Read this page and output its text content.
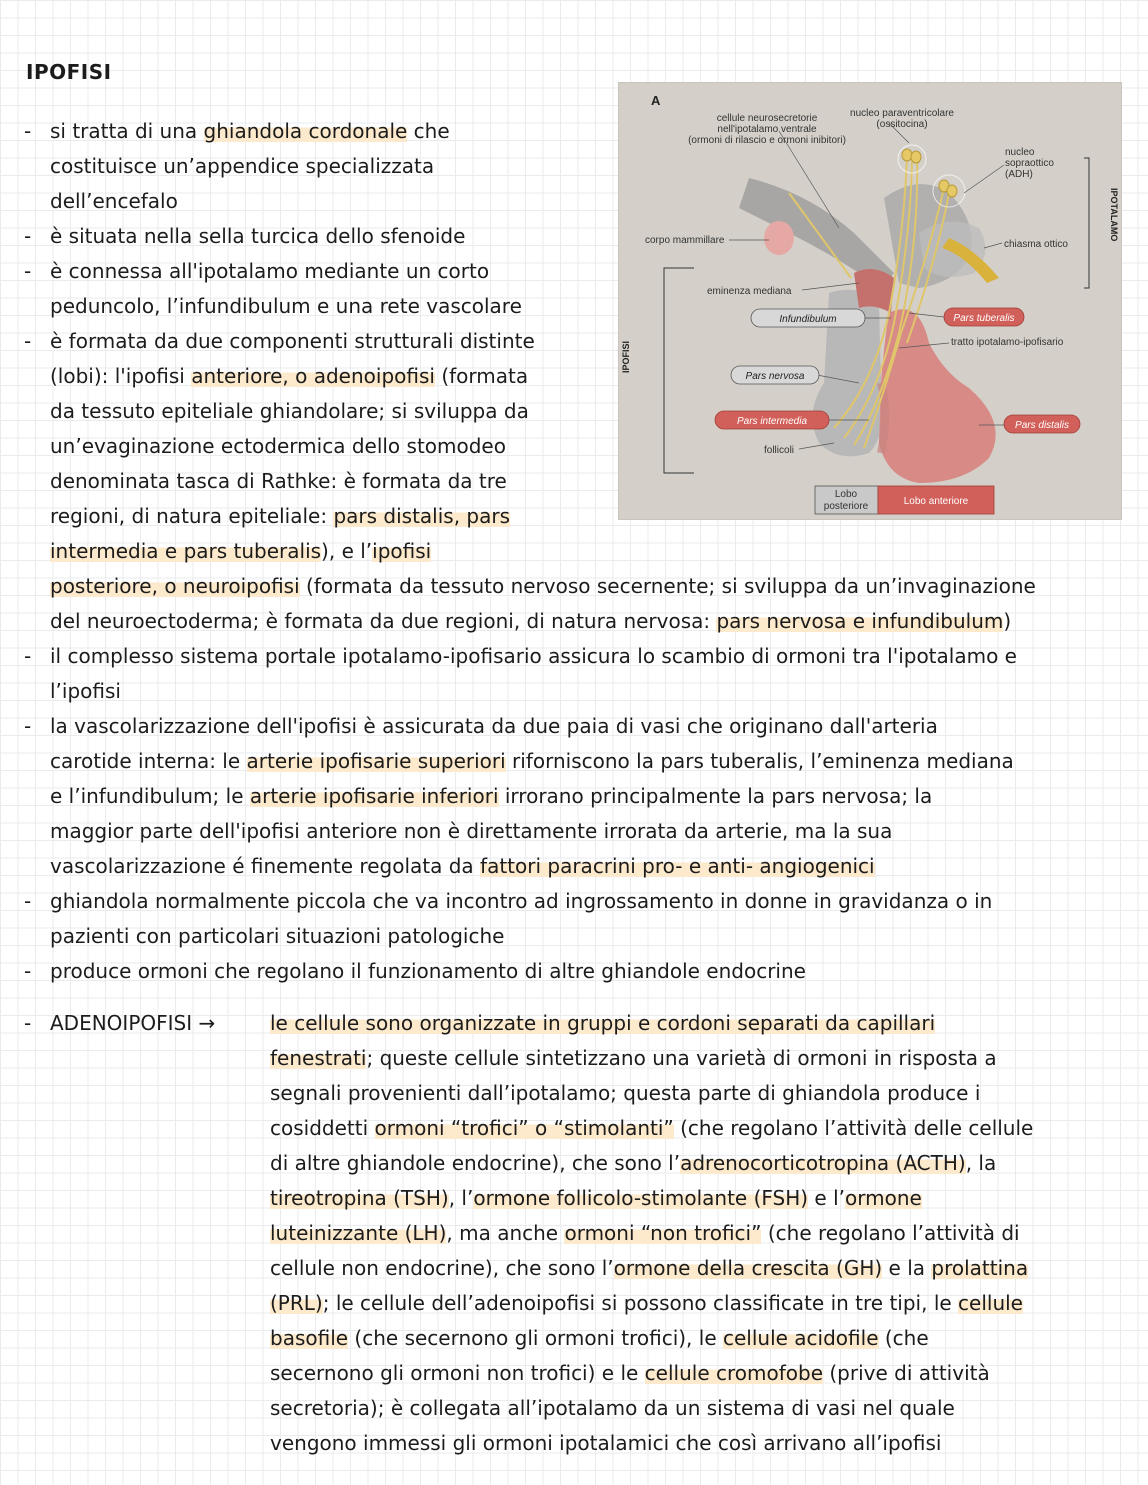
IPOFISI
A
cellule neurosecretorie
nell'ipotalamo ventrale
(ormoni di rilascio e ormoni inibitori)
nucleo paraventricolare
(ossitocina)
nucleo
sopraottico
(ADH)
IPOTALAMO
corpo mammillare	chiasma ottico
eminenza mediana
Infundibulum	Pars tuberalis
tratto ipotalamo-ipofisario
IPOFISI
Pars nervosa
Pars intermedia
follicoli
Pars distalis
Lobo
posteriore	Lobo anteriore
-
-
-
-
-
-
-
-
-
si tratta di una ghiandola cordonale che
costituisce un’appendice specializzata
dell’encefalo
è situata nella sella turcica dello sfenoide
è connessa all'ipotalamo mediante un corto
peduncolo, l’infundibulum e una rete vascolare
è formata da due componenti strutturali distinte
(lobi): l'ipofisi anteriore, o adenoipofisi (formata
da tessuto epiteliale ghiandolare; si sviluppa da
un’evaginazione ectodermica dello stomodeo
denominata tasca di Rathke: è formata da tre
regioni, di natura epiteliale: pars distalis, pars
intermedia e pars tuberalis), e l’ipofisi
posteriore, o neuroipofisi (formata da tessuto nervoso secernente; si sviluppa da un’invaginazione
del neuroectoderma; è formata da due regioni, di natura nervosa: pars nervosa e infundibulum)
il complesso sistema portale ipotalamo-ipofisario assicura lo scambio di ormoni tra l'ipotalamo e
l’ipofisi
la vascolarizzazione dell'ipofisi è assicurata da due paia di vasi che originano dall'arteria
carotide interna: le arterie ipofisarie superiori riforniscono la pars tuberalis, l’eminenza mediana
e l’infundibulum; le arterie ipofisarie inferiori irrorano principalmente la pars nervosa; la
maggior parte dell'ipofisi anteriore non è direttamente irrorata da arterie, ma la sua
vascolarizzazione é finemente regolata da fattori paracrini pro- e anti- angiogenici
ghiandola normalmente piccola che va incontro ad ingrossamento in donne in gravidanza o in
pazienti con particolari situazioni patologiche
produce ormoni che regolano il funzionamento di altre ghiandole endocrine
ADENOIPOFISI →	le cellule sono organizzate in gruppi e cordoni separati da capillari
fenestrati; queste cellule sintetizzano una varietà di ormoni in risposta a
segnali provenienti dall’ipotalamo; questa parte di ghiandola produce i
cosiddetti ormoni “trofici” o “stimolanti” (che regolano l’attività delle cellule
di altre ghiandole endocrine), che sono l’adrenocorticotropina (ACTH), la
tireotropina (TSH), l’ormone follicolo-stimolante (FSH) e l’ormone
luteinizzante (LH), ma anche ormoni “non trofici” (che regolano l’attività di
cellule non endocrine), che sono l’ormone della crescita (GH) e la prolattina
(PRL); le cellule dell’adenoipofisi si possono classificate in tre tipi, le cellule
basofile (che secernono gli ormoni trofici), le cellule acidofile (che
secernono gli ormoni non trofici) e le cellule cromofobe (prive di attività
secretoria); è collegata all’ipotalamo da un sistema di vasi nel quale
vengono immessi gli ormoni ipotalamici che così arrivano all’ipofisi
